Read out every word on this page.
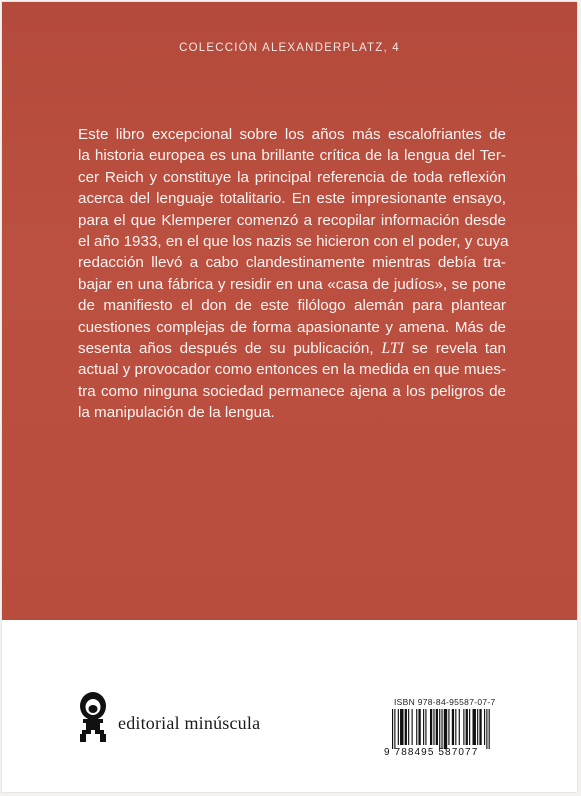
COLECCIÓN ALEXANDERPLATZ, 4
Este libro excepcional sobre los años más escalofriantes de
la historia europea es una brillante crítica de la lengua del Ter-
cer Reich y constituye la principal referencia de toda reflexión
acerca del lenguaje totalitario. En este impresionante ensayo,
para el que Klemperer comenzó a recopilar información desde
el año 1933, en el que los nazis se hicieron con el poder, y cuya
redacción llevó a cabo clandestinamente mientras debía tra-
bajar en una fábrica y residir en una «casa de judíos», se pone
de manifiesto el don de este filólogo alemán para plantear
cuestiones complejas de forma apasionante y amena. Más de
sesenta años después de su publicación, LTI se revela tan
actual y provocador como entonces en la medida en que mues-
tra como ninguna sociedad permanece ajena a los peligros de
la manipulación de la lengua.
editorial minúscula
ISBN 978-84-95587-07-7
9 788495 587077
